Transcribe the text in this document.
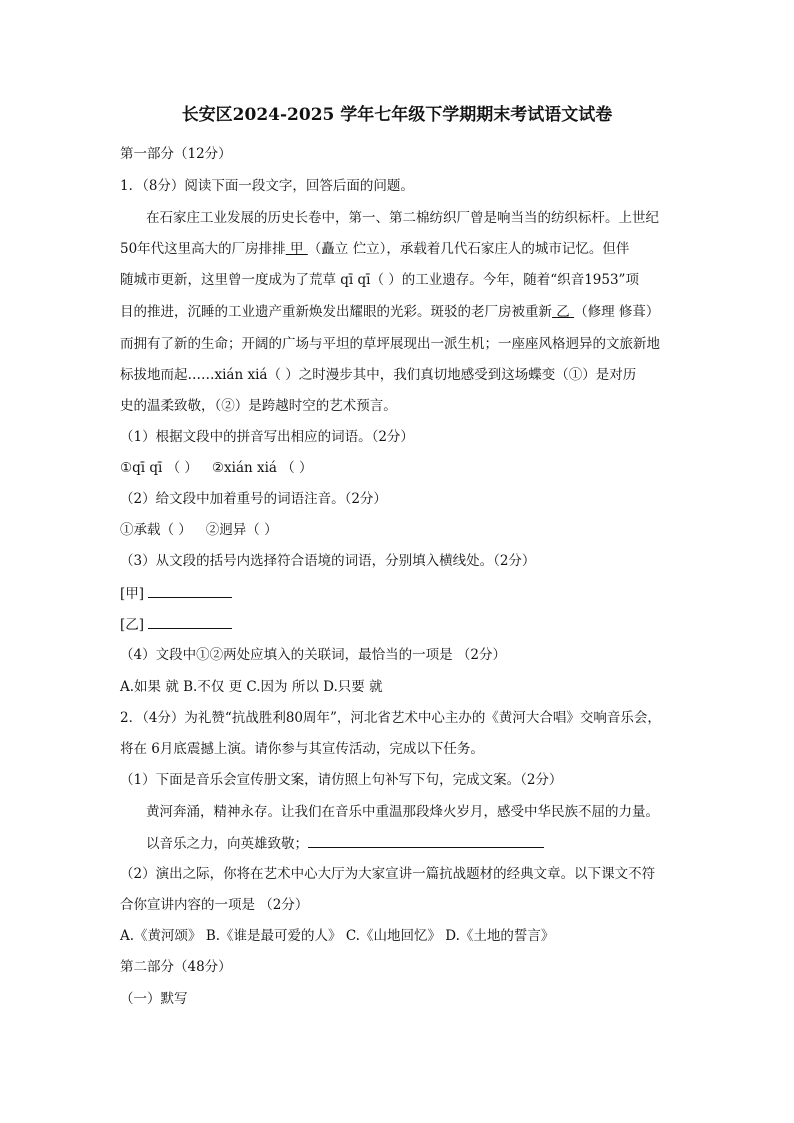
长安区2024-2025 学年七年级下学期期末考试语文试卷
第一部分（12分）
1．（8分）阅读下面一段文字，回答后面的问题。
在石家庄工业发展的历史长卷中，第一、第二棉纺织厂曾是响当当的纺织标杆。上世纪
50年代这里高大的厂房排排 甲 （矗立 伫立），承载着几代石家庄人的城市记忆。但伴
随城市更新，这里曾一度成为了荒草 qī qī（ ）的工业遗存。今年，随着“织音1953”项
目的推进，沉睡的工业遗产重新焕发出耀眼的光彩。斑驳的老厂房被重新 乙 （修理 修葺）
而拥有了新的生命；开阔的广场与平坦的草坪展现出一派生机；一座座风格迥异的文旅新地
标拔地而起……xián xiá（ ）之时漫步其中，我们真切地感受到这场蝶变（①）是对历
史的温柔致敬，（②）是跨越时空的艺术预言。
（1）根据文段中的拼音写出相应的词语。（2分）
①qī qī （ ） ②xián xiá （ ）
（2）给文段中加着重号的词语注音。（2分）
①承载（ ） ②迥异（ ）
（3）从文段的括号内选择符合语境的词语，分别填入横线处。（2分）
[甲]
[乙]
（4）文段中①②两处应填入的关联词，最恰当的一项是 （2分）
A.如果 就 B.不仅 更 C.因为 所以 D.只要 就
2．（4分）为礼赞“抗战胜利80周年”，河北省艺术中心主办的《黄河大合唱》交响音乐会，
将在 6月底震撼上演。请你参与其宣传活动，完成以下任务。
（1）下面是音乐会宣传册文案，请仿照上句补写下句，完成文案。（2分）
黄河奔涌，精神永存。让我们在音乐中重温那段烽火岁月，感受中华民族不屈的力量。
以音乐之力，向英雄致敬；
（2）演出之际，你将在艺术中心大厅为大家宣讲一篇抗战题材的经典文章。以下课文不符
合你宣讲内容的一项是 （2分）
A.《黄河颂》 B.《谁是最可爱的人》 C.《山地回忆》 D.《土地的誓言》
第二部分（48分）
（一）默写
